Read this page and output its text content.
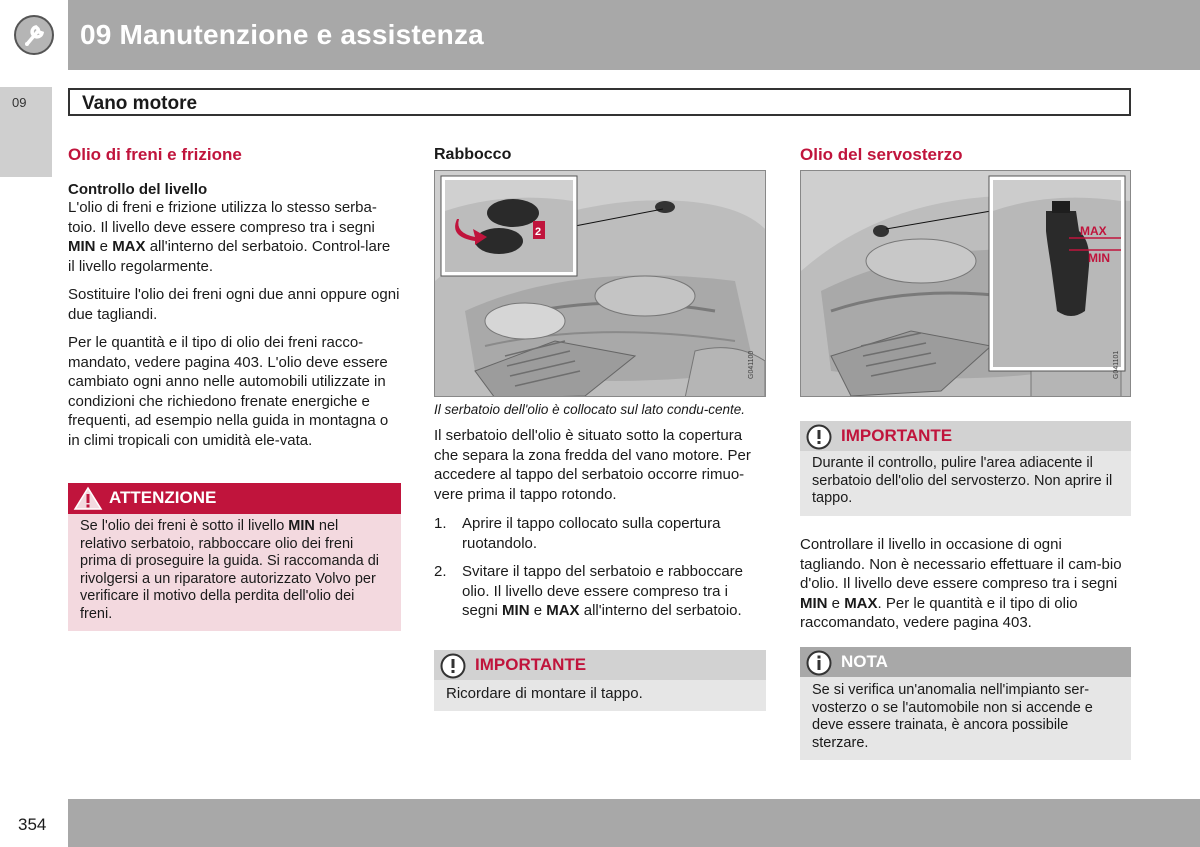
09 Manutenzione e assistenza
09	Vano motore
Olio di freni e frizione
Controllo del livello

L'olio di freni e frizione utilizza lo stesso serba-toio. Il livello deve essere compreso tra i segni MIN e MAX all'interno del serbatoio. Control-lare il livello regolarmente.

Sostituire l'olio dei freni ogni due anni oppure ogni due tagliandi.

Per le quantità e il tipo di olio dei freni racco-mandato, vedere pagina 403. L'olio deve essere cambiato ogni anno nelle automobili utilizzate in condizioni che richiedono frenate energiche e frequenti, ad esempio nella guida in montagna o in climi tropicali con umidità ele-vata.

ATTENZIONE

Se l'olio dei freni è sotto il livello MIN nel relativo serbatoio, rabboccare olio dei freni prima di proseguire la guida. Si raccomanda di rivolgersi a un riparatore autorizzato Volvo per verificare il motivo della perdita dell'olio dei freni.

Rabbocco
2
G041100

Il serbatoio dell'olio è collocato sul lato condu-cente.

Il serbatoio dell'olio è situato sotto la copertura che separa la zona fredda del vano motore. Per accedere al tappo del serbatoio occorre rimuo-vere prima il tappo rotondo.

1. Aprire il tappo collocato sulla copertura ruotandolo.
2. Svitare il tappo del serbatoio e rabboccare olio. Il livello deve essere compreso tra i segni MIN e MAX all'interno del serbatoio.
IMPORTANTE

Ricordare di montare il tappo.

Olio del servosterzo
MAX
MIN
G041101
IMPORTANTE

Durante il controllo, pulire l'area adiacente il serbatoio dell'olio del servosterzo. Non aprire il tappo.

Controllare il livello in occasione di ogni tagliando. Non è necessario effettuare il cam-bio d'olio. Il livello deve essere compreso tra i segni MIN e MAX. Per le quantità e il tipo di olio raccomandato, vedere pagina 403.

NOTA

Se si verifica un'anomalia nell'impianto ser-vosterzo o se l'automobile non si accende e deve essere trainata, è ancora possibile sterzare.

354
